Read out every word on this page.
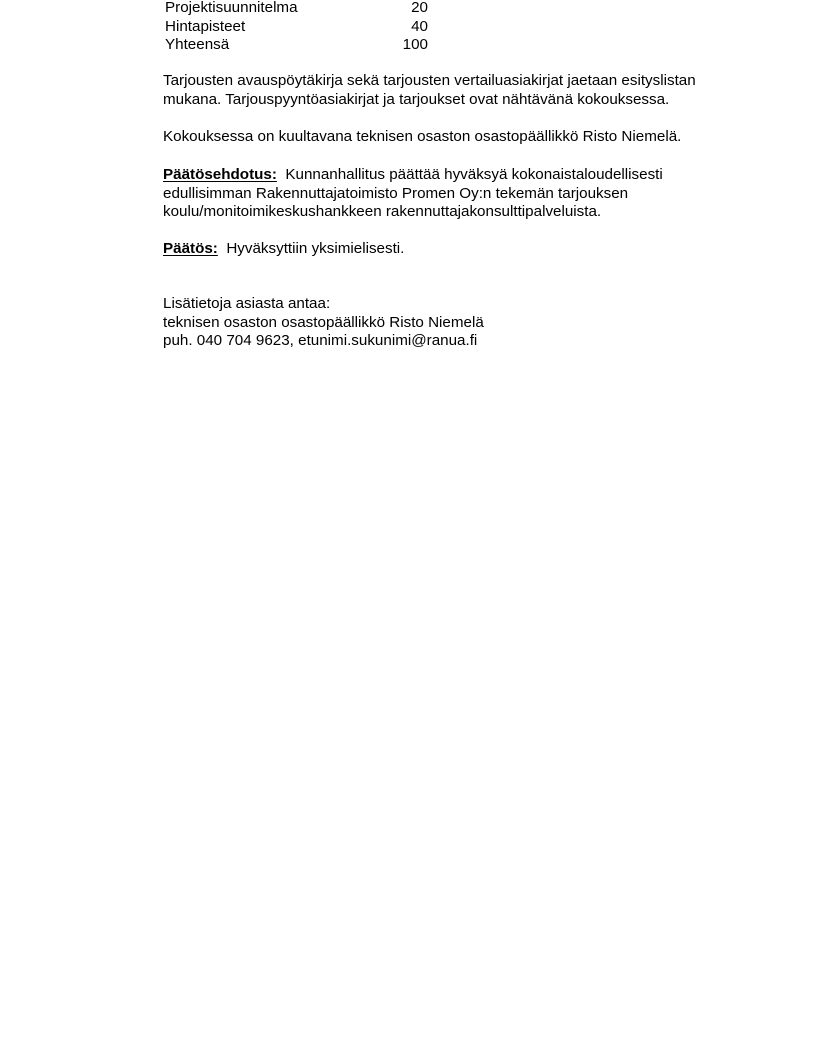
Projektisuunnitelma	20
Hintapisteet	40
Yhteensä	100

Tarjousten avauspöytäkirja sekä tarjousten vertailuasiakirjat jaetaan esityslistan
mukana. Tarjouspyyntöasiakirjat ja tarjoukset ovat nähtävänä kokouksessa.

Kokouksessa on kuultavana teknisen osaston osastopäällikkö Risto Niemelä.

Päätösehdotus: Kunnanhallitus päättää hyväksyä kokonaistaloudellisesti
edullisimman Rakennuttajatoimisto Promen Oy:n tekemän tarjouksen
koulu/monitoimikeskushankkeen rakennuttajakonsulttipalveluista.

Päätös: Hyväksyttiin yksimielisesti.

Lisätietoja asiasta antaa:
teknisen osaston osastopäällikkö Risto Niemelä
puh. 040 704 9623, etunimi.sukunimi@ranua.fi
